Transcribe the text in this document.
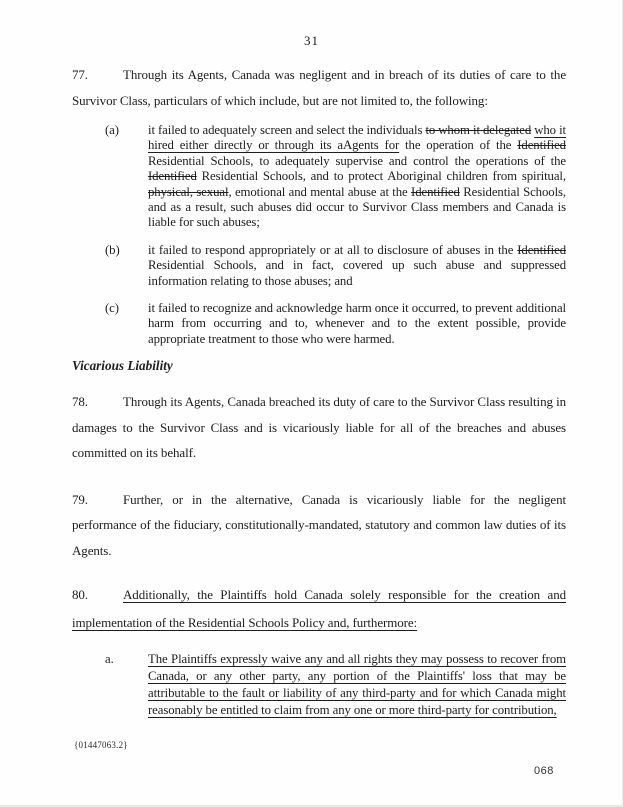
31
77.	Through its Agents, Canada was negligent and in breach of its duties of care to the Survivor Class, particulars of which include, but are not limited to, the following:
(a)	it failed to adequately screen and select the individuals to whom it delegated who it hired either directly or through its aAgents for the operation of the Identified Residential Schools, to adequately supervise and control the operations of the Identified Residential Schools, and to protect Aboriginal children from spiritual, physical, sexual, emotional and mental abuse at the Identified Residential Schools, and as a result, such abuses did occur to Survivor Class members and Canada is liable for such abuses;
(b)	it failed to respond appropriately or at all to disclosure of abuses in the Identified Residential Schools, and in fact, covered up such abuse and suppressed information relating to those abuses; and
(c)	it failed to recognize and acknowledge harm once it occurred, to prevent additional harm from occurring and to, whenever and to the extent possible, provide appropriate treatment to those who were harmed.
Vicarious Liability
78.	Through its Agents, Canada breached its duty of care to the Survivor Class resulting in damages to the Survivor Class and is vicariously liable for all of the breaches and abuses committed on its behalf.
79.	Further, or in the alternative, Canada is vicariously liable for the negligent performance of the fiduciary, constitutionally-mandated, statutory and common law duties of its Agents.
80.	Additionally, the Plaintiffs hold Canada solely responsible for the creation and implementation of the Residential Schools Policy and, furthermore:
a.	The Plaintiffs expressly waive any and all rights they may possess to recover from Canada, or any other party, any portion of the Plaintiffs' loss that may be attributable to the fault or liability of any third-party and for which Canada might reasonably be entitled to claim from any one or more third-party for contribution,
{01447063.2}
068
